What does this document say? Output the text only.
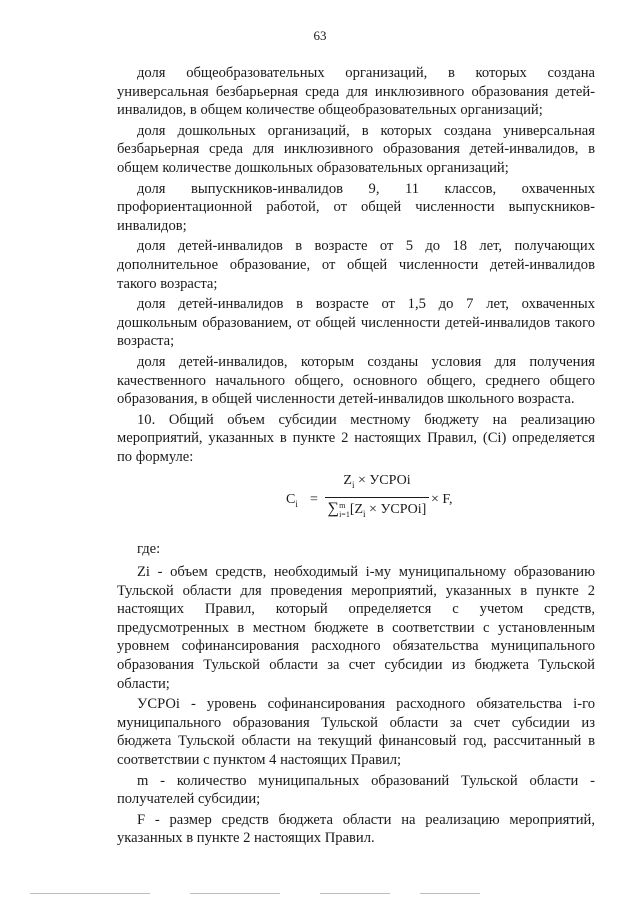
63

доля общеобразовательных организаций, в которых создана универсальная безбарьерная среда для инклюзивного образования детей-инвалидов, в общем количестве общеобразовательных организаций;

доля дошкольных организаций, в которых создана универсальная безбарьерная среда для инклюзивного образования детей-инвалидов, в общем количестве дошкольных образовательных организаций;

доля выпускников-инвалидов 9, 11 классов, охваченных профориентационной работой, от общей численности выпускников-инвалидов;

доля детей-инвалидов в возрасте от 5 до 18 лет, получающих дополнительное образование, от общей численности детей-инвалидов такого возраста;

доля детей-инвалидов в возрасте от 1,5 до 7 лет, охваченных дошкольным образованием, от общей численности детей-инвалидов такого возраста;

доля детей-инвалидов, которым созданы условия для получения качественного начального общего, основного общего, среднего общего образования, в общей численности детей-инвалидов школьного возраста.

10. Общий объем субсидии местному бюджету на реализацию мероприятий, указанных в пункте 2 настоящих Правил, (Ci) определяется по формуле:

$C_i$ =
$Z_i$ × УСРОi
∑m
$i=1[Z_i$ × УСРОi]
× F,

где:

Zi - объем средств, необходимый i-му муниципальному образованию Тульской области для проведения мероприятий, указанных в пункте 2 настоящих Правил, который определяется с учетом средств, предусмотренных в местном бюджете в соответствии с установленным уровнем софинансирования расходного обязательства муниципального образования Тульской области за счет субсидии из бюджета Тульской области;

УСРОi - уровень софинансирования расходного обязательства i-го муниципального образования Тульской области за счет субсидии из бюджета Тульской области на текущий финансовый год, рассчитанный в соответствии с пунктом 4 настоящих Правил;

m - количество муниципальных образований Тульской области - получателей субсидии;

F - размер средств бюджета области на реализацию мероприятий, указанных в пункте 2 настоящих Правил.
